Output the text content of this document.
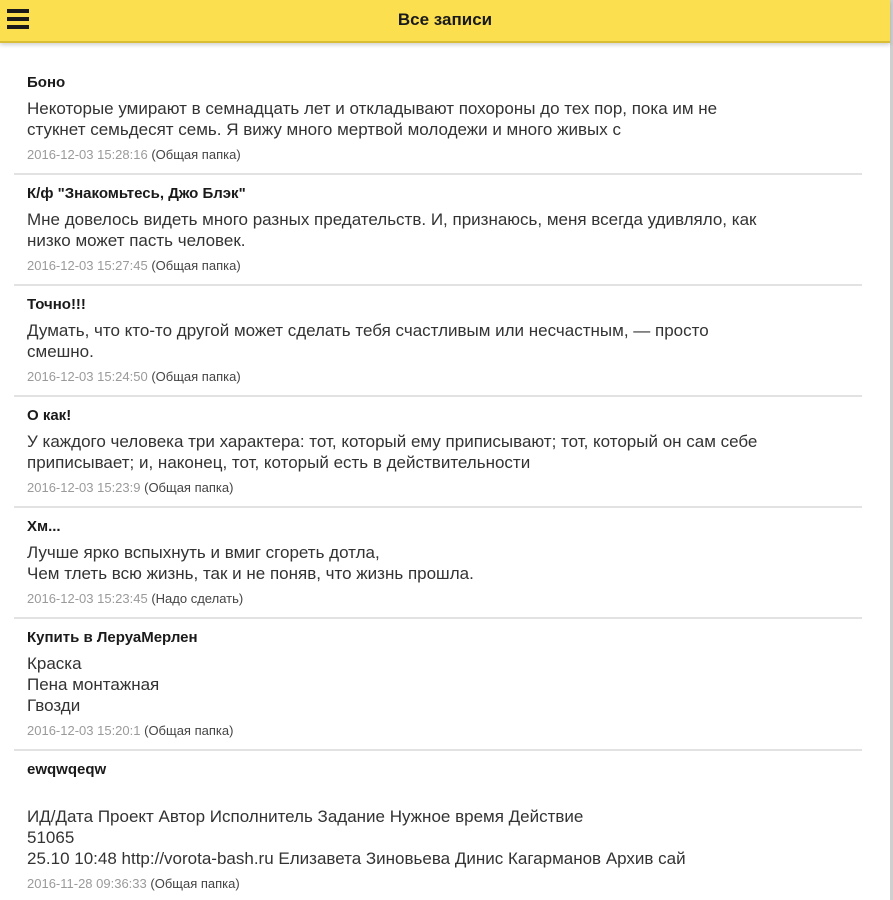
Все записи
Боно
Некоторые умирают в семнадцать лет и откладывают похороны до тех пор, пока им не
стукнет семьдесят семь. Я вижу много мертвой молодежи и много живых с
2016-12-03 15:28:16 (Общая папка)
К/ф "Знакомьтесь, Джо Блэк"
Мне довелось видеть много разных предательств. И, признаюсь, меня всегда удивляло, как
низко может пасть человек.
2016-12-03 15:27:45 (Общая папка)
Точно!!!
Думать, что кто-то другой может сделать тебя счастливым или несчастным, — просто
смешно.
2016-12-03 15:24:50 (Общая папка)
О как!
У каждого человека три характера: тот, который ему приписывают; тот, который он сам себе
приписывает; и, наконец, тот, который есть в действительности
2016-12-03 15:23:9 (Общая папка)
Хм...
Лучше ярко вспыхнуть и вмиг сгореть дотла,
Чем тлеть всю жизнь, так и не поняв, что жизнь прошла.
2016-12-03 15:23:45 (Надо сделать)
Купить в ЛеруаМерлен
Краска
Пена монтажная
Гвозди
2016-12-03 15:20:1 (Общая папка)
ewqwqeqw
ИД/Дата Проект Автор Исполнитель Задание Нужное время Действие
51065
25.10 10:48 http://vorota-bash.ru Елизавета Зиновьева Динис Кагарманов Архив сай
2016-11-28 09:36:33 (Общая папка)
